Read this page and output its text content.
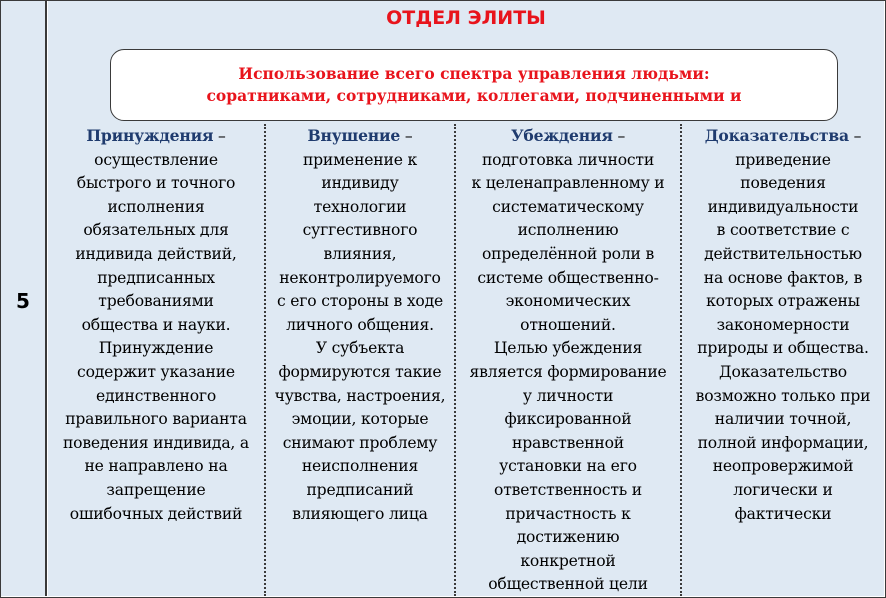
5
ОТДЕЛ ЭЛИТЫ
Использование всего спектра управления людьми:
соратниками, сотрудниками, коллегами, подчиненными и
Принуждения –
осуществление
быстрого и точного
исполнения
обязательных для
индивида действий,
предписанных
требованиями
общества и науки.
Принуждение
содержит указание
единственного
правильного варианта
поведения индивида, а
не направлено на
запрещение
ошибочных действий
Внушение –
применение к
индивиду
технологии
суггестивного
влияния,
неконтролируемого
с его стороны в ходе
личного общения.
У субъекта
формируются такие
чувства, настроения,
эмоции, которые
снимают проблему
неисполнения
предписаний
влияющего лица
Убеждения –
подготовка личности
к целенаправленному и
систематическому
исполнению
определённой роли в
системе общественно-
экономических
отношений.
Целью убеждения
является формирование
у личности
фиксированной
нравственной
установки на его
ответственность и
причастность к
достижению
конкретной
общественной цели
Доказательства –
приведение
поведения
индивидуальности
в соответствие с
действительностью
на основе фактов, в
которых отражены
закономерности
природы и общества.
Доказательство
возможно только при
наличии точной,
полной информации,
неопровержимой
логически и
фактически
